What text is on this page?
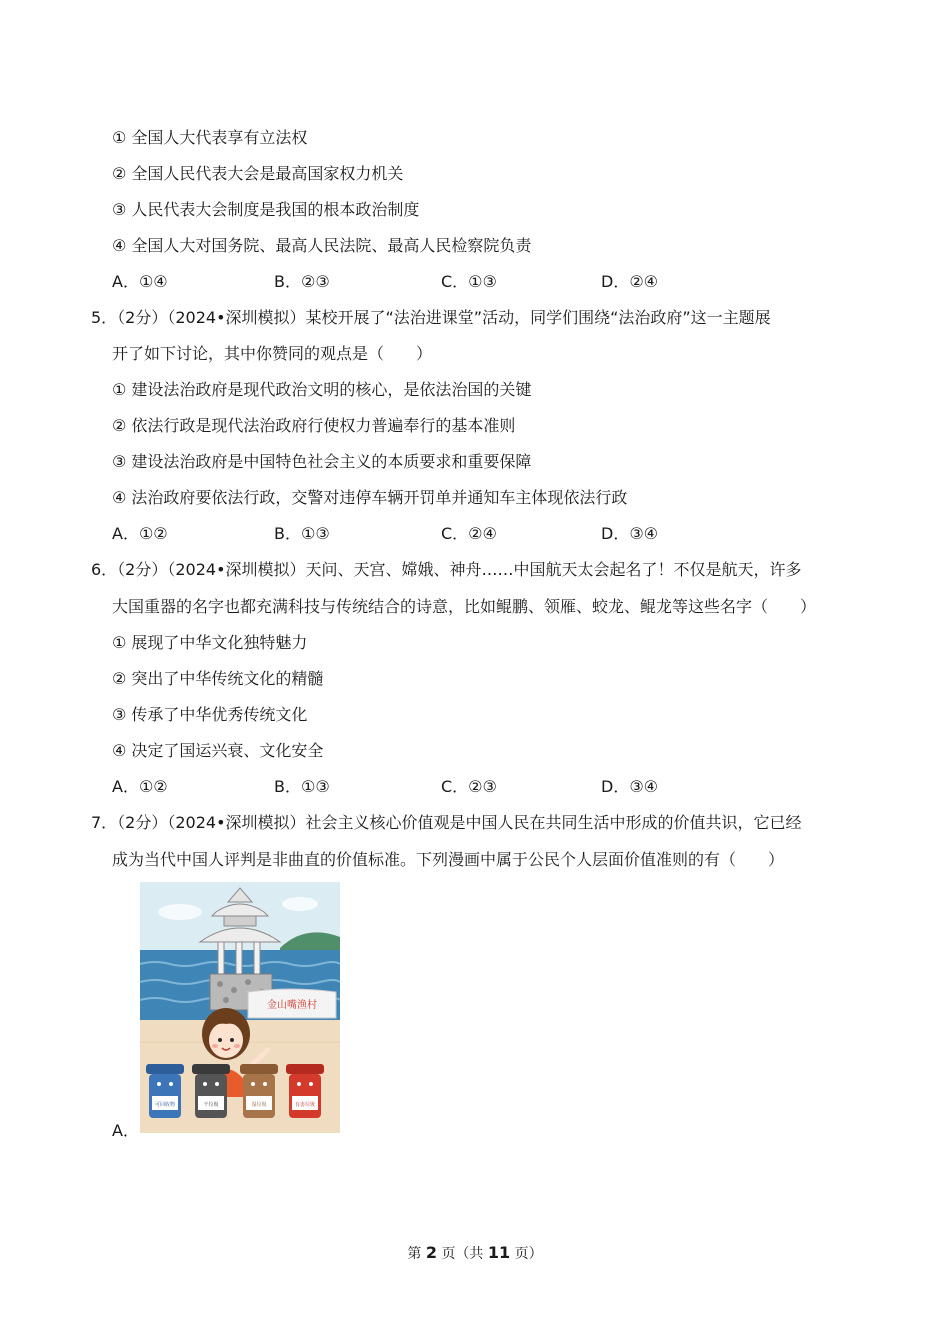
① 全国人大代表享有立法权
② 全国人民代表大会是最高国家权力机关
③ 人民代表大会制度是我国的根本政治制度
④ 全国人大对国务院、最高人民法院、最高人民检察院负责
A．①④	B．②③	C．①③	D．②④
5．（2分）（2024•深圳模拟）某校开展了“法治进课堂”活动，同学们围绕“法治政府”这一主题展
开了如下讨论，其中你赞同的观点是（　　）
① 建设法治政府是现代政治文明的核心，是依法治国的关键
② 依法行政是现代法治政府行使权力普遍奉行的基本准则
③ 建设法治政府是中国特色社会主义的本质要求和重要保障
④ 法治政府要依法行政，交警对违停车辆开罚单并通知车主体现依法行政
A．①②	B．①③	C．②④	D．③④
6．（2分）（2024•深圳模拟）天问、天宫、嫦娥、神舟……中国航天太会起名了！不仅是航天，许多
大国重器的名字也都充满科技与传统结合的诗意，比如鲲鹏、领雁、蛟龙、鲲龙等这些名字（　　）
① 展现了中华文化独特魅力
② 突出了中华传统文化的精髓
③ 传承了中华优秀传统文化
④ 决定了国运兴衰、文化安全
A．①②	B．①③	C．②③	D．③④
7．（2分）（2024•深圳模拟）社会主义核心价值观是中国人民在共同生活中形成的价值共识，它已经
成为当代中国人评判是非曲直的价值标准。下列漫画中属于公民个人层面价值准则的有（　　）
A．
金山嘴渔村
可回收物	干垃圾	湿垃圾	有害垃圾
第 2 页（共 11 页）
